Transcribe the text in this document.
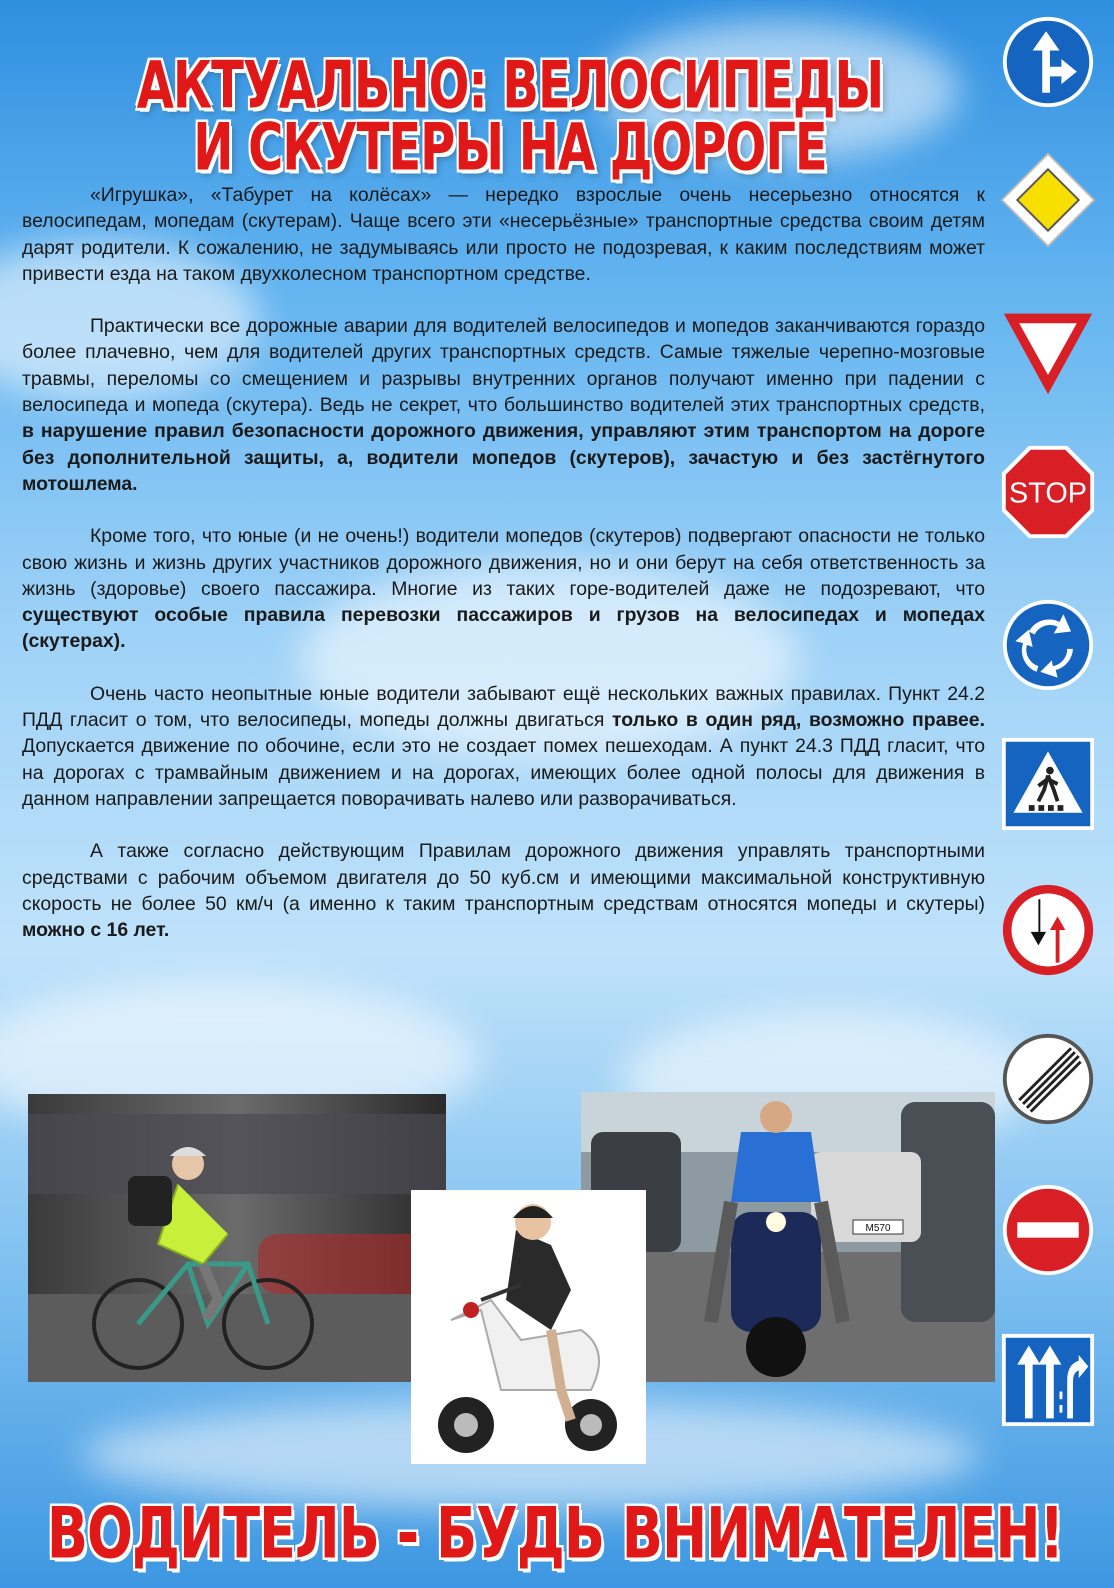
АКТУАЛЬНО: ВЕЛОСИПЕДЫ
И СКУТЕРЫ НА ДОРОГЕ

«Игрушка», «Табурет на колёсах» — нередко взрослые очень несерьезно относятся к велосипедам, мопедам (скутерам). Чаще всего эти «несерьёзные» транспортные средства своим детям дарят родители. К сожалению, не задумываясь или просто не подозревая, к каким последствиям может привести езда на таком двухколесном транспортном средстве.

Практически все дорожные аварии для водителей велосипедов и мопедов заканчиваются гораздо более плачевно, чем для водителей других транспортных средств. Самые тяжелые черепно-мозговые травмы, переломы со смещением и разрывы внутренних органов получают именно при падении с велосипеда и мопеда (скутера). Ведь не секрет, что большинство водителей этих транспортных средств, в нарушение правил безопасности дорожного движения, управляют этим транспортом на дороге без дополнительной защиты, а, водители мопедов (скутеров), зачастую и без застёгнутого мотошлема.

Кроме того, что юные (и не очень!) водители мопедов (скутеров) подвергают опасности не только свою жизнь и жизнь других участников дорожного движения, но и они берут на себя ответственность за жизнь (здоровье) своего пассажира. Многие из таких горе-водителей даже не подозревают, что существуют особые правила перевозки пассажиров и грузов на велосипедах и мопедах (скутерах).

Очень часто неопытные юные водители забывают ещё нескольких важных правилах. Пункт 24.2 ПДД гласит о том, что велосипеды, мопеды должны двигаться только в один ряд, возможно правее. Допускается движение по обочине, если это не создает помех пешеходам. А пункт 24.3 ПДД гласит, что на дорогах с трамвайным движением и на дорогах, имеющих более одной полосы для движения в данном направлении запрещается поворачивать налево или разворачиваться.

А также согласно действующим Правилам дорожного движения управлять транспортными средствами с рабочим объемом двигателя до 50 куб.см и имеющими максимальной конструктивную скорость не более 50 км/ч (а именно к таким транспортным средствам относятся мопеды и скутеры) можно с 16 лет.

STOP
М570
ВОДИТЕЛЬ - БУДЬ ВНИМАТЕЛЕН!
